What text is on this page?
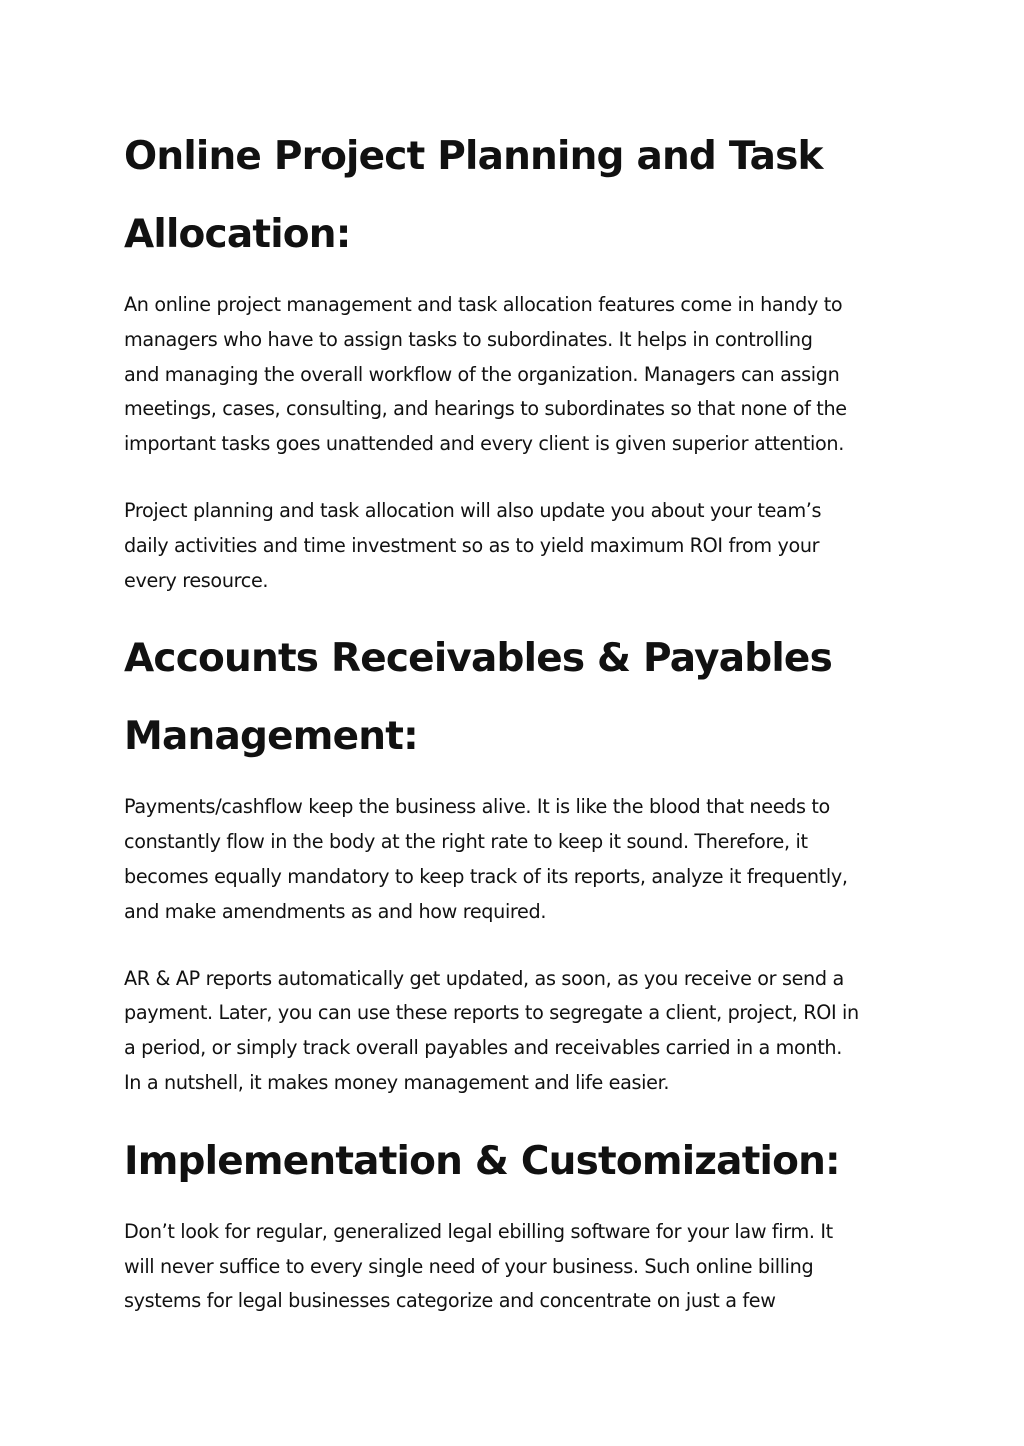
Online Project Planning and Task
Allocation:

An online project management and task allocation features come in handy to
managers who have to assign tasks to subordinates. It helps in controlling
and managing the overall workflow of the organization. Managers can assign
meetings, cases, consulting, and hearings to subordinates so that none of the
important tasks goes unattended and every client is given superior attention.

Project planning and task allocation will also update you about your team’s
daily activities and time investment so as to yield maximum ROI from your
every resource.

Accounts Receivables & Payables
Management:

Payments/cashflow keep the business alive. It is like the blood that needs to
constantly flow in the body at the right rate to keep it sound. Therefore, it
becomes equally mandatory to keep track of its reports, analyze it frequently,
and make amendments as and how required.

AR & AP reports automatically get updated, as soon, as you receive or send a
payment. Later, you can use these reports to segregate a client, project, ROI in
a period, or simply track overall payables and receivables carried in a month.
In a nutshell, it makes money management and life easier.

Implementation & Customization:

Don’t look for regular, generalized legal ebilling software for your law firm. It
will never suffice to every single need of your business. Such online billing
systems for legal businesses categorize and concentrate on just a few
